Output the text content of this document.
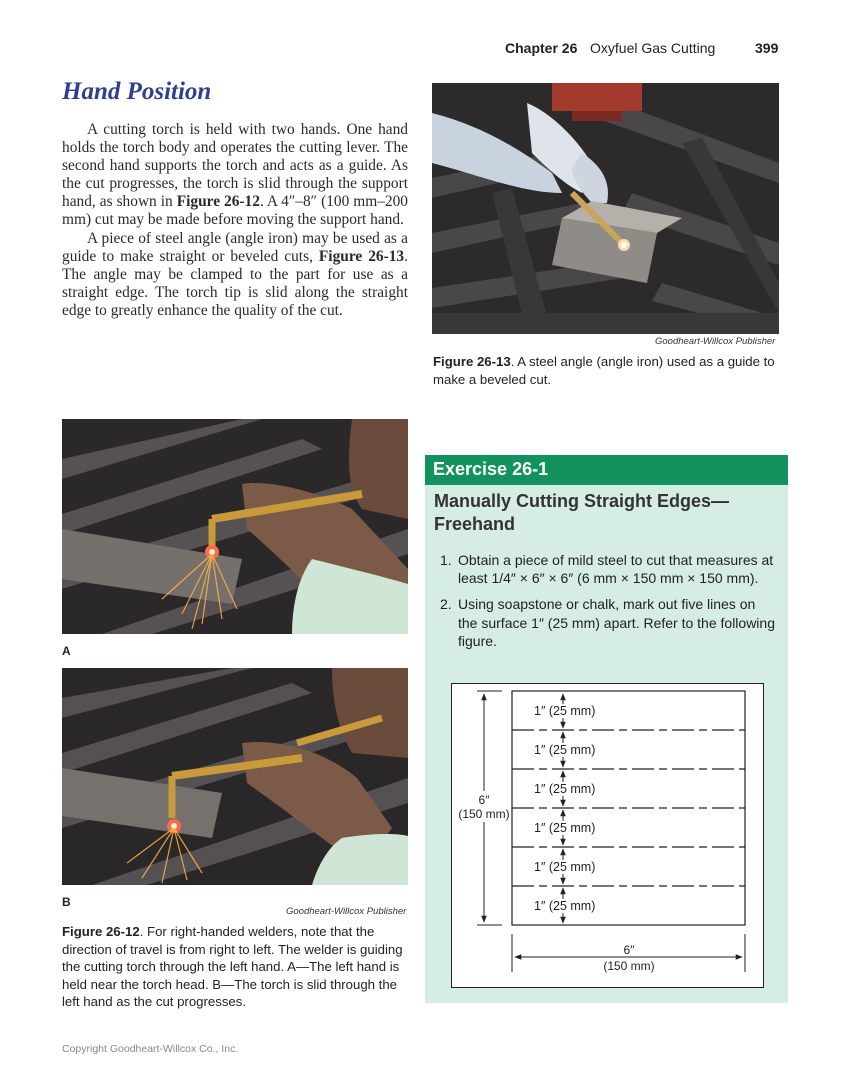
Chapter 26 Oxyfuel Gas Cutting	399
Hand Position

A cutting torch is held with two hands. One hand holds the torch body and operates the cutting lever. The second hand supports the torch and acts as a guide. As the cut progresses, the torch is slid through the support hand, as shown in Figure 26-12. A 4″–8″ (100 mm–200 mm) cut may be made before moving the support hand.

A piece of steel angle (angle iron) may be used as a guide to make straight or beveled cuts, Figure 26-13. The angle may be clamped to the part for use as a straight edge. The torch tip is slid along the straight edge to greatly enhance the quality of the cut.

Goodheart-Willcox Publisher
Figure 26-13. A steel angle (angle iron) used as a guide to make a beveled cut.
A
B
Goodheart-Willcox Publisher
Figure 26-12. For right-handed welders, note that the direction of travel is from right to left. The welder is guiding the cutting torch through the left hand. A—The left hand is held near the torch head. B—The torch is slid through the left hand as the cut progresses.
Exercise 26-1
Manually Cutting Straight Edges—Freehand
1. Obtain a piece of mild steel to cut that measures at least 1/4″ × 6″ × 6″ (6 mm × 150 mm × 150 mm).
2. Using soapstone or chalk, mark out five lines on the surface 1″ (25 mm) apart. Refer to the following figure.
1″ (25 mm)
1″ (25 mm)
1″ (25 mm)
1″ (25 mm)
1″ (25 mm)
1″ (25 mm)
6″
(150 mm)
6″
(150 mm)
Copyright Goodheart-Willcox Co., Inc.
